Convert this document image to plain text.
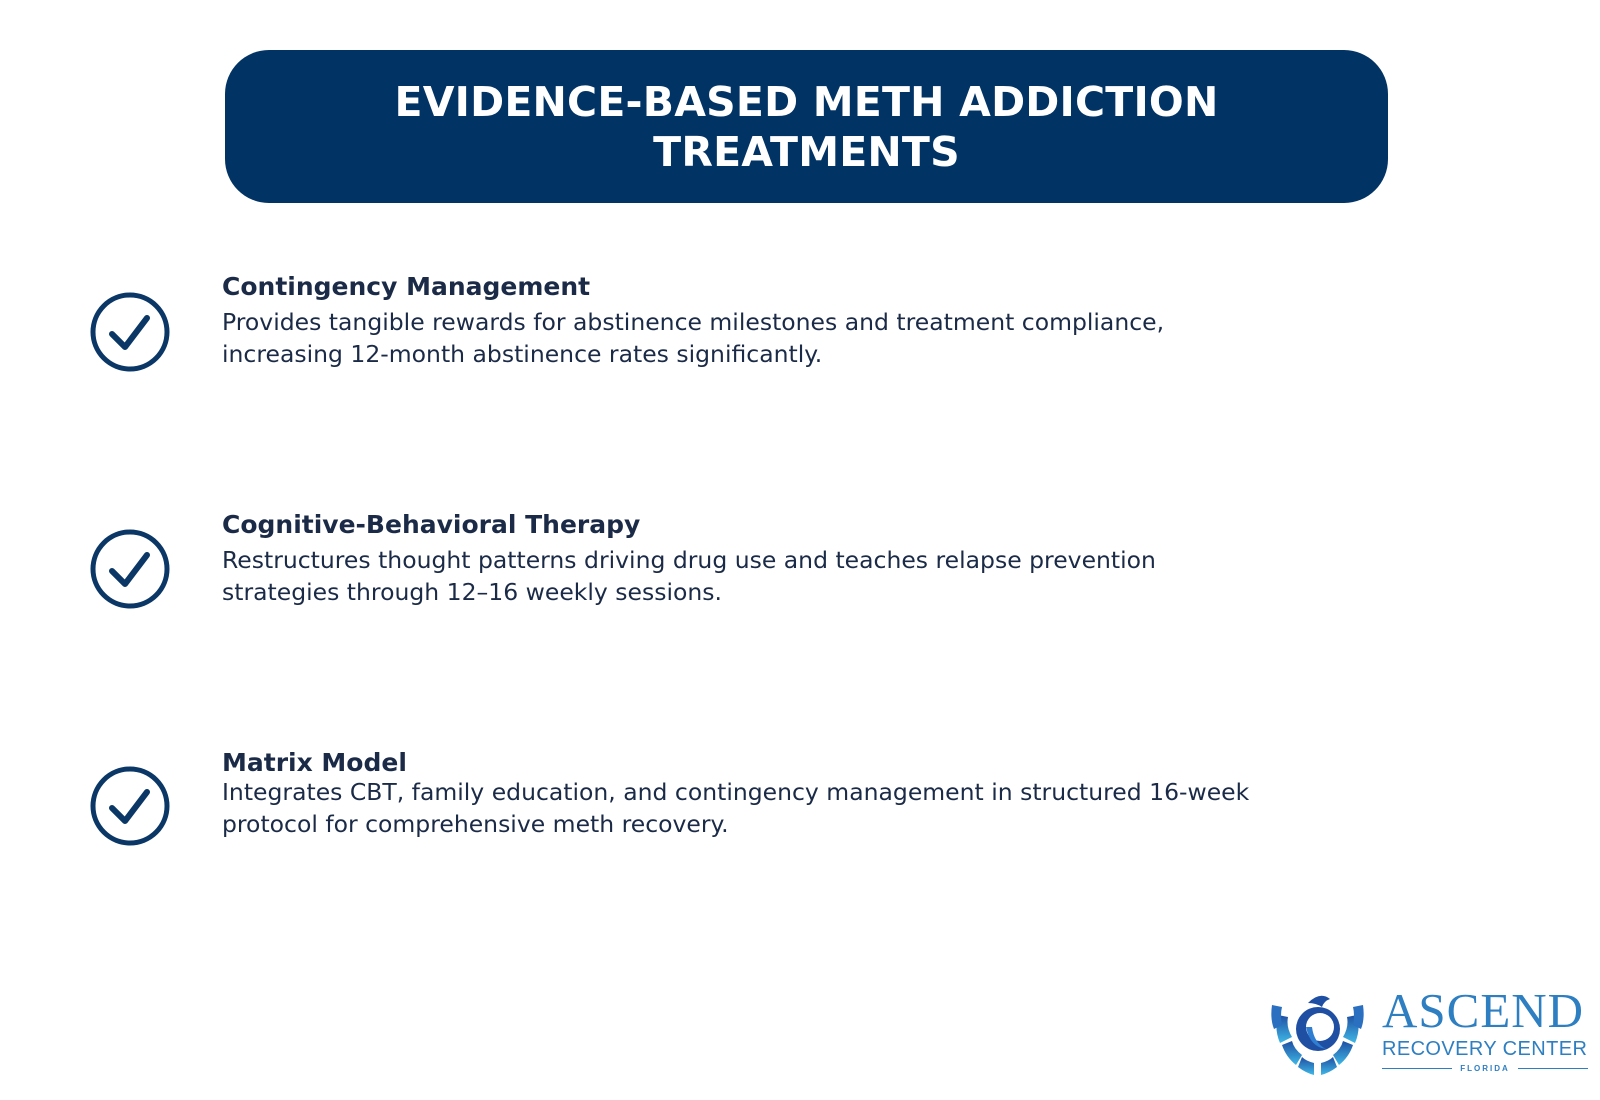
EVIDENCE-BASED METH ADDICTION
TREATMENTS
Contingency Management
Provides tangible rewards for abstinence milestones and treatment compliance,
increasing 12-month abstinence rates significantly.
Cognitive-Behavioral Therapy
Restructures thought patterns driving drug use and teaches relapse prevention
strategies through 12–16 weekly sessions.
Matrix Model
Integrates CBT, family education, and contingency management in structured 16-week
protocol for comprehensive meth recovery.
ASCEND
RECOVERY CENTER
FLORIDA
